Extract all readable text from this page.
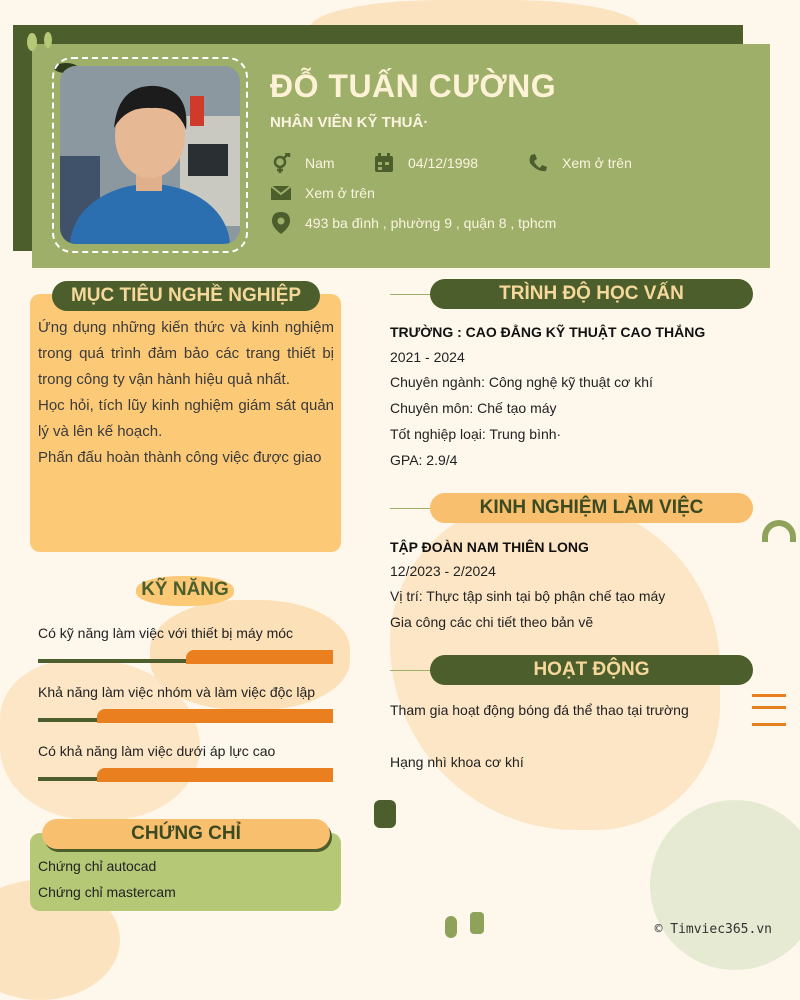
ĐỖ TUẤN CƯỜNG
NHÂN VIÊN KỸ THUÂ·
Nam	04/12/1998	Xem ở trên
Xem ở trên
493 ba đình , phường 9 , quận 8 , tphcm
MỤC TIÊU NGHỀ NGHIỆP

Ứng dụng những kiến thức và kinh nghiệm trong quá trình đảm bảo các trang thiết bị trong công ty vận hành hiệu quả nhất.

Học hỏi, tích lũy kinh nghiệm giám sát quản lý và lên kế hoạch.

Phấn đấu hoàn thành công việc được giao

KỸ NĂNG
Có kỹ năng làm việc với thiết bị máy móc
Khả năng làm việc nhóm và làm việc độc lập
Có khả năng làm việc dưới áp lực cao
CHỨNG CHỈ
Chứng chỉ autocad
Chứng chỉ mastercam
TRÌNH ĐỘ HỌC VẤN
TRƯỜNG : CAO ĐẲNG KỸ THUẬT CAO THẮNG
2021 - 2024
Chuyên ngành: Công nghệ kỹ thuật cơ khí
Chuyên môn: Chế tạo máy
Tốt nghiệp loại: Trung bình·
GPA: 2.9/4
KINH NGHIỆM LÀM VIỆC
TẬP ĐOÀN NAM THIÊN LONG
12/2023 - 2/2024
Vị trí: Thực tập sinh tại bộ phận chế tạo máy
Gia công các chi tiết theo bản vẽ
HOẠT ĐỘNG
Tham gia hoạt động bóng đá thể thao tại trường
Hạng nhì khoa cơ khí
© Timviec365.vn
